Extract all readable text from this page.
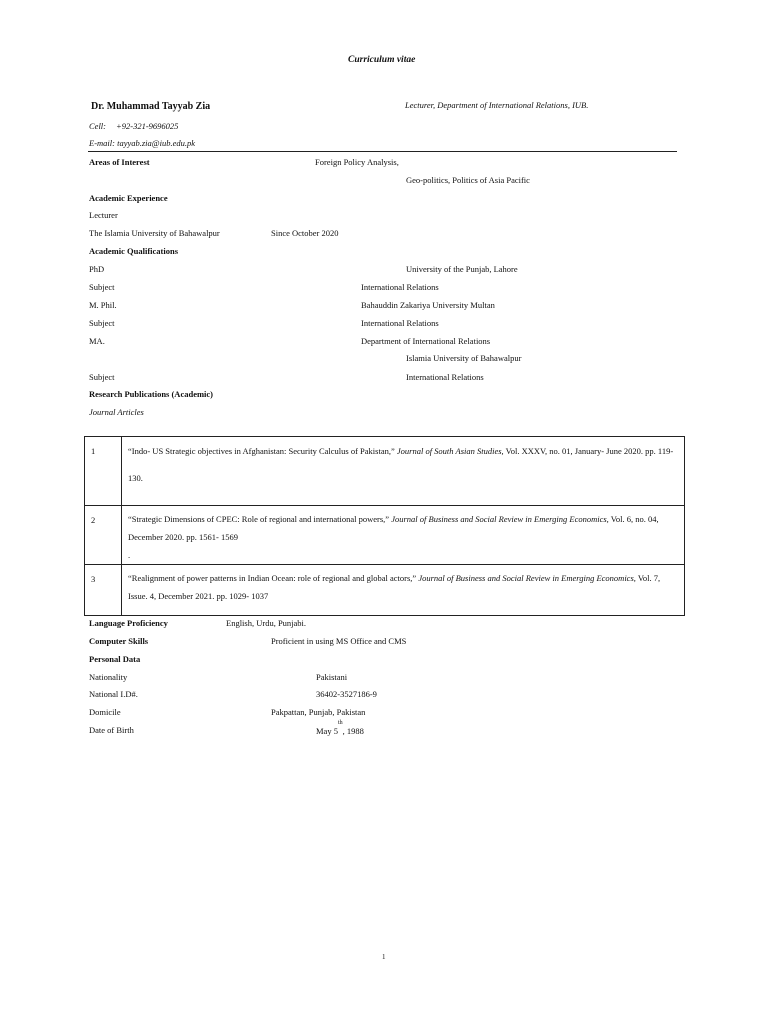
Curriculum vitae
Dr. Muhammad Tayyab Zia	Lecturer, Department of International Relations, IUB.
Cell: +92-321-9696025
E-mail: tayyab.zia@iub.edu.pk
Areas of Interest	Foreign Policy Analysis,
Geo-politics, Politics of Asia Pacific
Academic Experience
Lecturer
The Islamia University of Bahawalpur	Since October 2020
Academic Qualifications
PhD	University of the Punjab, Lahore
Subject	International Relations
M. Phil.	Bahauddin Zakariya University Multan
Subject	International Relations
MA.	Department of International Relations
Islamia University of Bahawalpur
Subject	International Relations
Research Publications (Academic)
Journal Articles
1	“Indo- US Strategic objectives in Afghanistan: Security Calculus of Pakistan,” Journal of South Asian Studies, Vol. XXXV, no. 01, January- June 2020. pp. 119- 130.

2	“Strategic Dimensions of CPEC: Role of regional and international powers,” Journal of Business and Social Review in Emerging Economics, Vol. 6, no. 04, December 2020. pp. 1561- 1569
.

3	“Realignment of power patterns in Indian Ocean: role of regional and global actors,” Journal of Business and Social Review in Emerging Economics, Vol. 7, Issue. 4, December 2021. pp. 1029- 1037
Language Proficiency	English, Urdu, Punjabi.
Computer Skills	Proficient in using MS Office and CMS
Personal Data
Nationality	Pakistani
National I.D#.	36402-3527186-9
Domicile	Pakpattan, Punjab, Pakistan
Date of Birth	May 5th, 1988
1
